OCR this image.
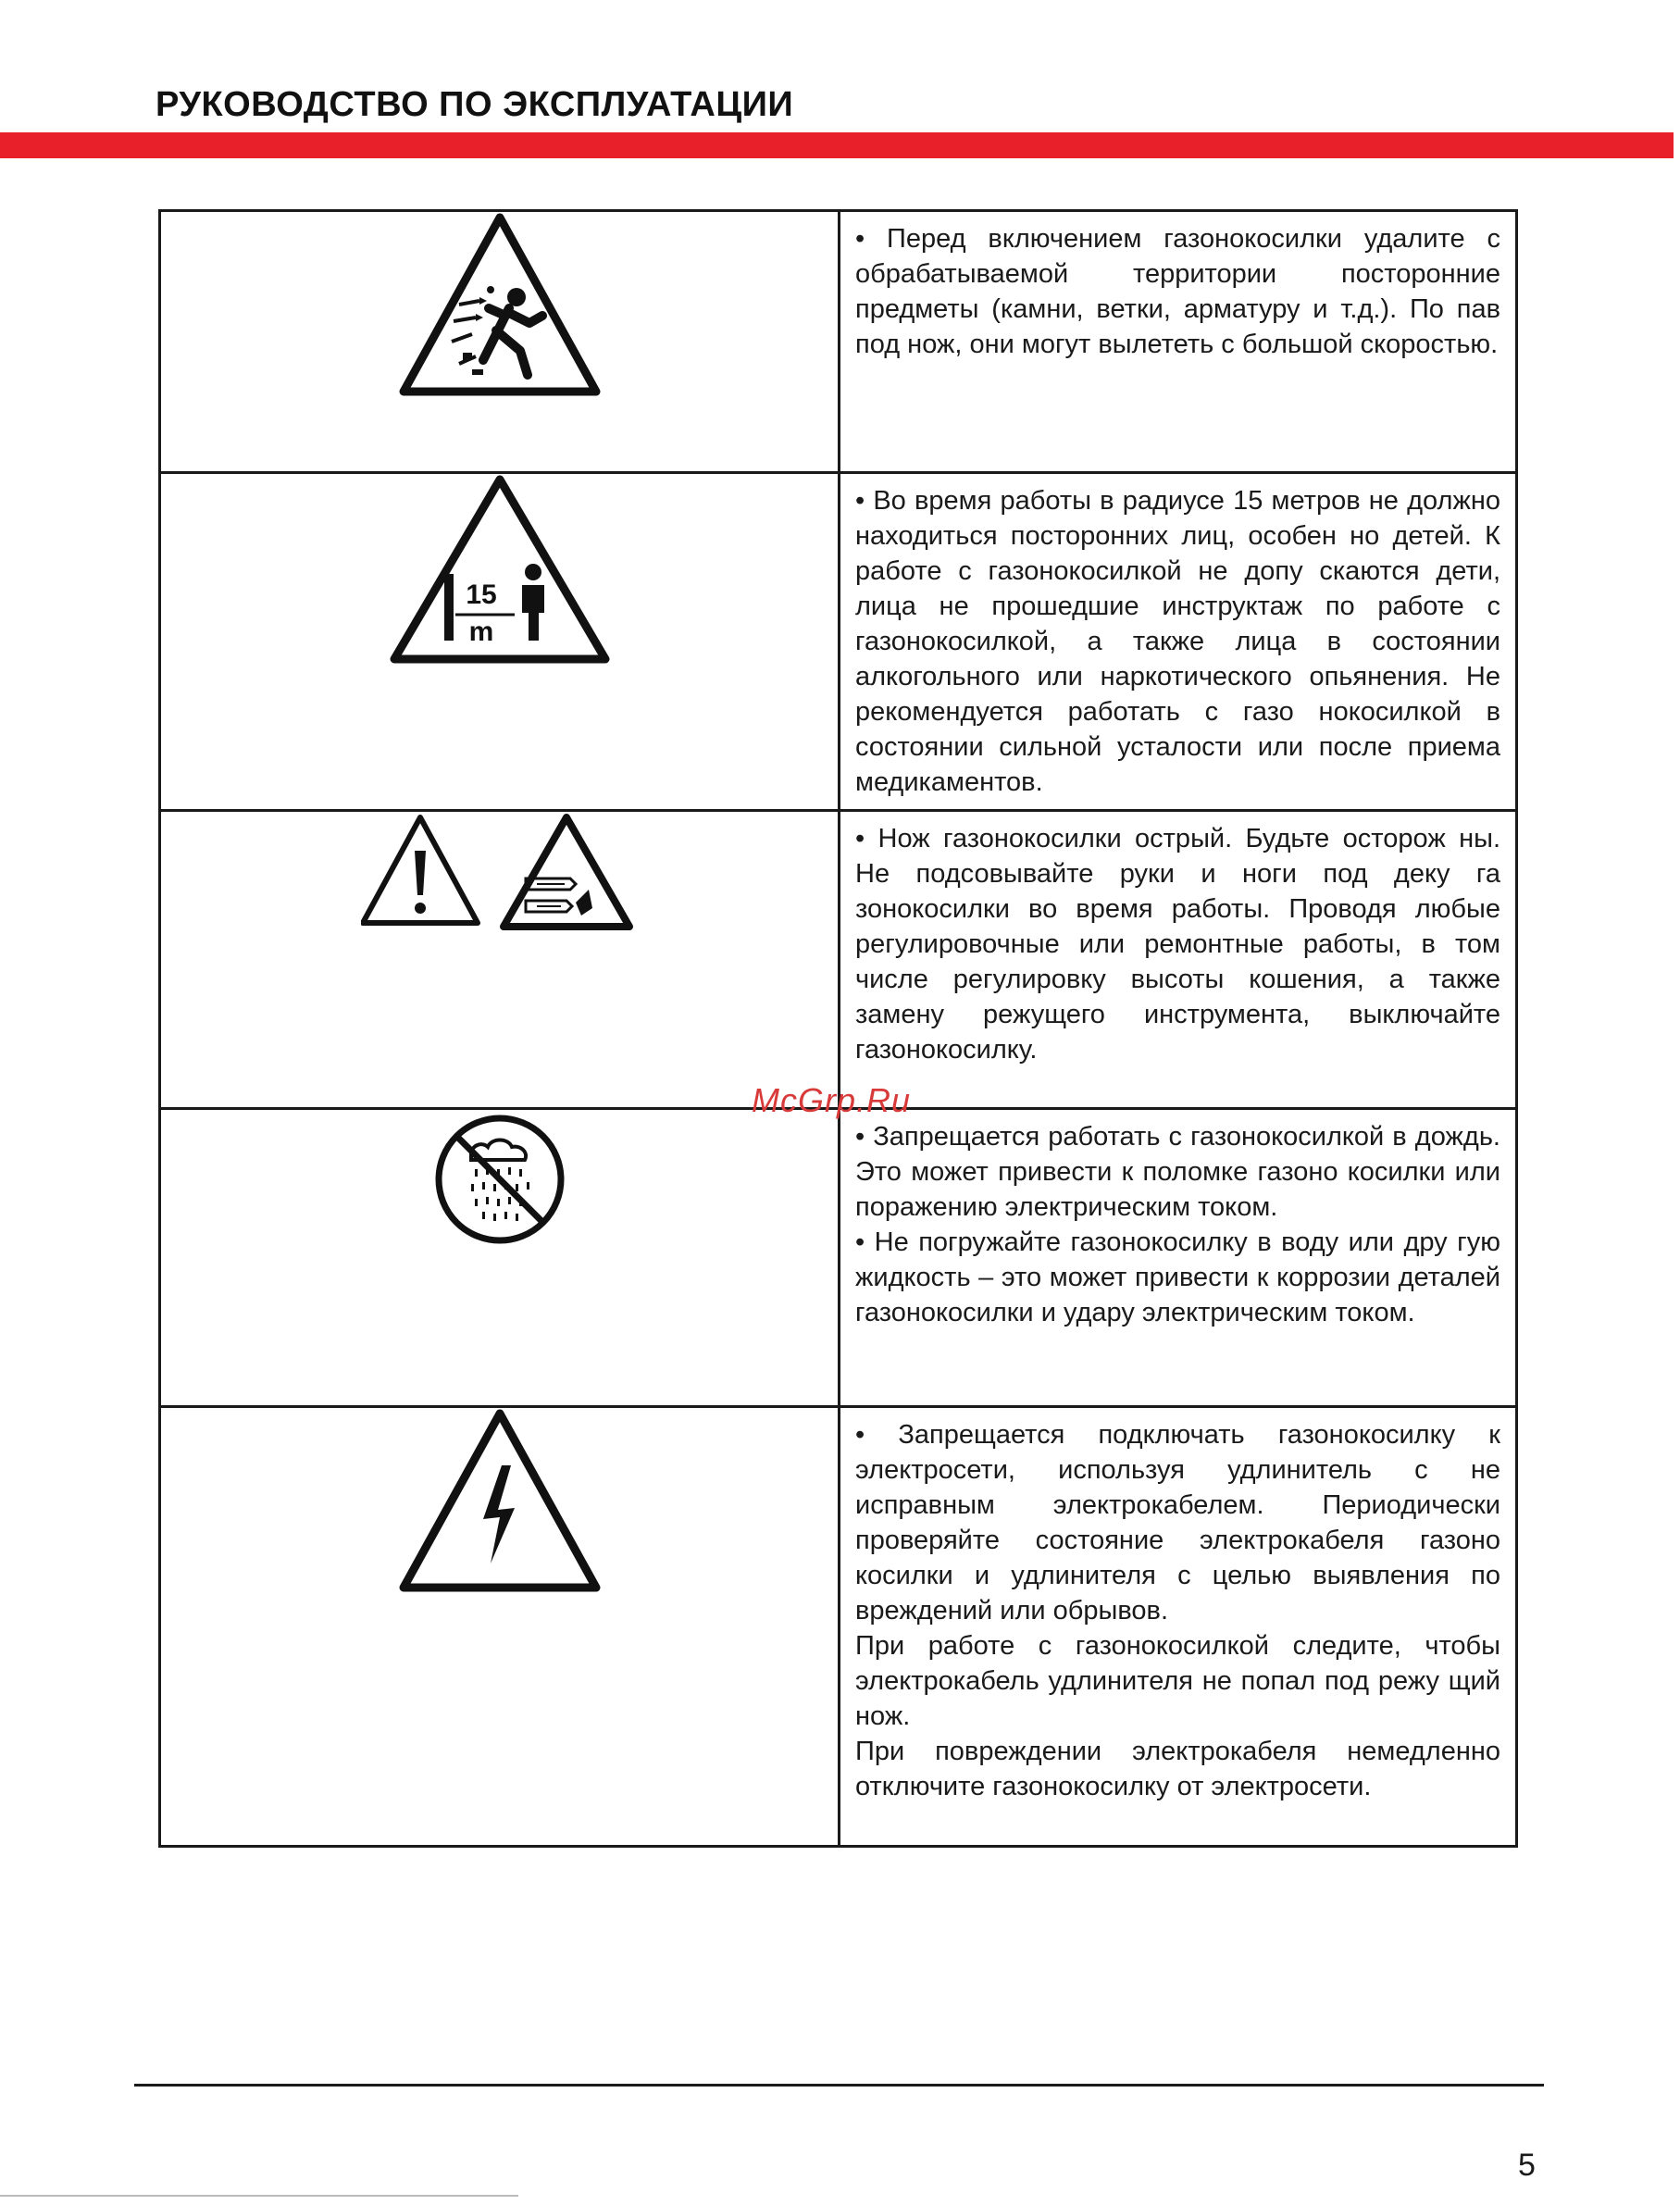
РУКОВОДСТВО ПО ЭКСПЛУАТАЦИИ

• Перед включением газонокосилки удалите с обрабатываемой территории посторонние предметы (камни, ветки, арматуру и т.д.). По пав под нож, они могут вылететь с большой скоростью.

15
m	• Во время работы в радиусе 15 метров не должно находиться посторонних лиц, особен но детей. К работе с газонокосилкой не допу скаются дети, лица не прошедшие инструктаж по работе с газонокосилкой, а также лица в состоянии алкогольного или наркотического опьянения. Не рекомендуется работать с газо нокосилкой в состоянии сильной усталости или после приема медикаментов.

• Нож газонокосилки острый. Будьте осторож ны. Не подсовывайте руки и ноги под деку га зонокосилки во время работы. Проводя любые регулировочные или ремонтные работы, в том числе регулировку высоты кошения, а также замену режущего инструмента, выключайте газонокосилку.

• Запрещается работать с газонокосилкой в дождь. Это может привести к поломке газоно косилки или поражению электрическим током.
• Не погружайте газонокосилку в воду или дру гую жидкость – это может привести к коррозии деталей газонокосилки и удару электрическим током.

• Запрещается подключать газонокосилку к электросети, используя удлинитель с не исправным электрокабелем. Периодически проверяйте состояние электрокабеля газоно косилки и удлинителя с целью выявления по вреждений или обрывов.
При работе с газонокосилкой следите, чтобы электрокабель удлинителя не попал под режу щий нож.
При повреждении электрокабеля немедленно отключите газонокосилку от электросети.
McGrp.Ru
5
